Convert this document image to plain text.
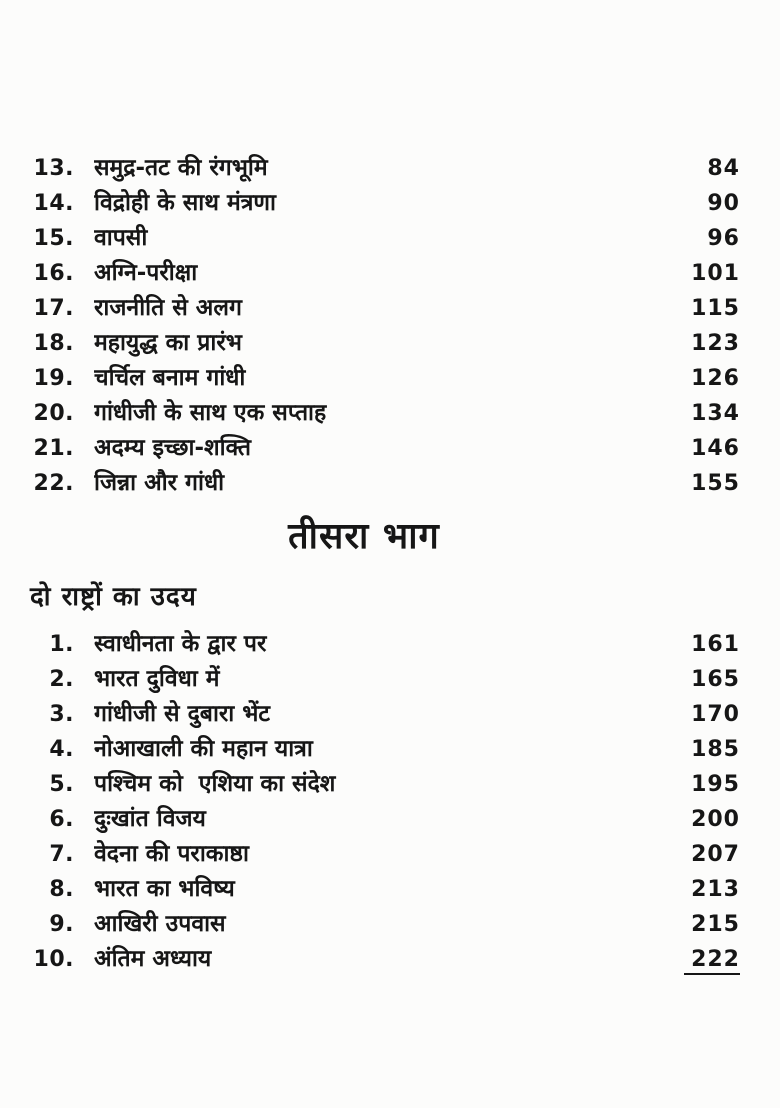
13. समुद्र-तट की रंगभूमि	84
14. विद्रोही के साथ मंत्रणा	90
15. वापसी	96
16. अग्नि-परीक्षा	101
17. राजनीति से अलग	115
18. महायुद्ध का प्रारंभ	123
19. चर्चिल बनाम गांधी	126
20. गांधीजी के साथ एक सप्ताह	134
21. अदम्य इच्छा-शक्ति	146
22. जिन्ना और गांधी	155
तीसरा भाग
दो राष्ट्रों का उदय
1. स्वाधीनता के द्वार पर	161
2. भारत दुविधा में	165
3. गांधीजी से दुबारा भेंट	170
4. नोआखाली की महान यात्रा	185
5. पश्चिम को  एशिया का संदेश	195
6. दुःखांत विजय	200
7. वेदना की पराकाष्ठा	207
8. भारत का भविष्य	213
9. आखिरी उपवास	215
10. अंतिम अध्याय	222
